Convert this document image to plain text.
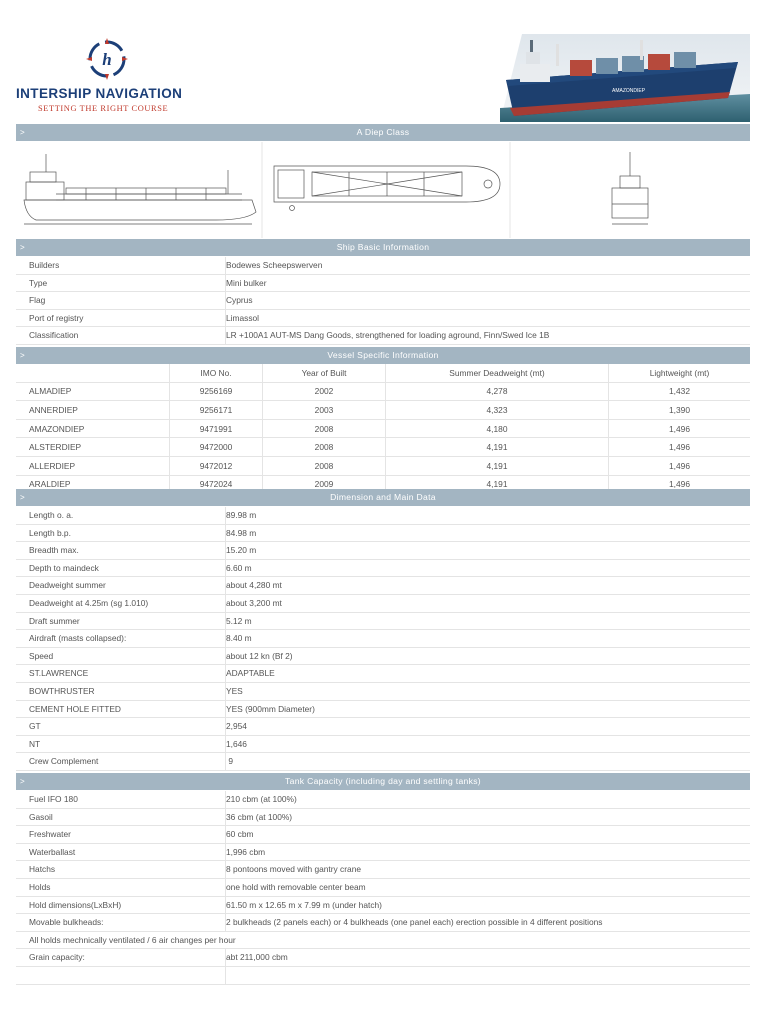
h
INTERSHIP NAVIGATION
SETTING THE RIGHT COURSE
AMAZONDIEP
>	A Diep Class
>	Ship Basic Information
Builders	Bodewes Scheepswerven
Type	Mini bulker
Flag	Cyprus
Port of registry	Limassol
Classification	LR +100A1 AUT-MS Dang Goods, strengthened for loading aground, Finn/Swed Ice 1B
>	Vessel Specific Information
	IMO No.	Year of Built	Summer Deadweight (mt)	Lightweight (mt)
ALMADIEP	9256169	2002	4,278	1,432
ANNERDIEP	9256171	2003	4,323	1,390
AMAZONDIEP	9471991	2008	4,180	1,496
ALSTERDIEP	9472000	2008	4,191	1,496
ALLERDIEP	9472012	2008	4,191	1,496
ARALDIEP	9472024	2009	4,191	1,496
>	Dimension and Main Data
Length o. a.	89.98 m
Length b.p.	84.98 m
Breadth max.	15.20 m
Depth to maindeck	6.60 m
Deadweight summer	about 4,280 mt
Deadweight at 4.25m (sg 1.010)	about 3,200 mt
Draft summer	5.12 m
Airdraft (masts collapsed):	8.40 m
Speed	about 12 kn (Bf 2)
ST.LAWRENCE	ADAPTABLE
BOWTHRUSTER	YES
CEMENT HOLE FITTED	YES (900mm Diameter)
GT	2,954
NT	1,646
Crew Complement	9
>	Tank Capacity (including day and settling tanks)
Fuel IFO 180	210 cbm (at 100%)
Gasoil	36 cbm (at 100%)
Freshwater	60 cbm
Waterballast	1,996 cbm
Hatchs	8 pontoons moved with gantry crane
Holds	one hold with removable center beam
Hold dimensions(LxBxH)	61.50 m x 12.65 m x 7.99 m (under hatch)
Movable bulkheads:	2 bulkheads (2 panels each) or 4 bulkheads (one panel each) erection possible in 4 different positions
All holds mechnically ventilated / 6 air changes per hour
Grain capacity:	abt 211,000 cbm
